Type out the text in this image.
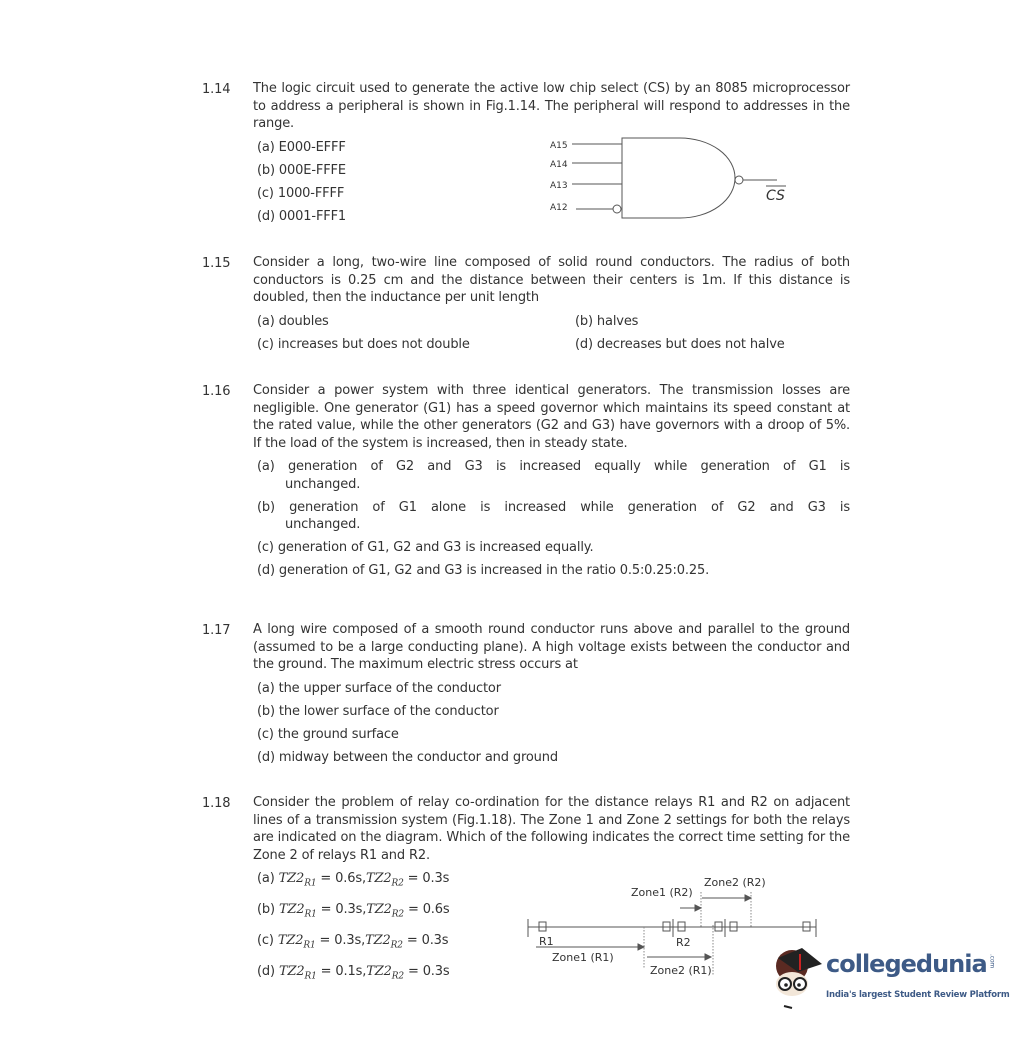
1.14 The logic circuit used to generate the active low chip select (CS) by an 8085 microprocessor to address a peripheral is shown in Fig.1.14. The peripheral will respond to addresses in the range.
(a) E000-EFFF
(b) 000E-FFFE
(c) 1000-FFFF
(d) 0001-FFF1
A15
A14
A13
A12
CS
1.15 Consider a long, two-wire line composed of solid round conductors. The radius of both conductors is 0.25 cm and the distance between their centers is 1m. If this distance is doubled, then the inductance per unit length
(a) doubles	(b) halves
(c) increases but does not double	(d) decreases but does not halve
1.16 Consider a power system with three identical generators. The transmission losses are negligible. One generator (G1) has a speed governor which maintains its speed constant at the rated value, while the other generators (G2 and G3) have governors with a droop of 5%. If the load of the system is increased, then in steady state.
(a) generation of G2 and G3 is increased equally while generation of G1 is
unchanged.
(b) generation of G1 alone is increased while generation of G2 and G3 is
unchanged.
(c) generation of G1, G2 and G3 is increased equally.
(d) generation of G1, G2 and G3 is increased in the ratio 0.5:0.25:0.25.
1.17 A long wire composed of a smooth round conductor runs above and parallel to the ground (assumed to be a large conducting plane). A high voltage exists between the conductor and the ground. The maximum electric stress occurs at
(a) the upper surface of the conductor
(b) the lower surface of the conductor
(c) the ground surface
(d) midway between the conductor and ground
1.18 Consider the problem of relay co-ordination for the distance relays R1 and R2 on adjacent lines of a transmission system (Fig.1.18). The Zone 1 and Zone 2 settings for both the relays are indicated on the diagram. Which of the following indicates the correct time setting for the Zone 2 of relays R1 and R2.
(a) $TZ2_{R1} = 0.6s,TZ2_{R2} = 0.3s$
(b) $TZ2_{R1} = 0.3s,TZ2_{R2} = 0.6s$
(c) $TZ2_{R1} = 0.3s,TZ2_{R2} = 0.3s$
(d) $TZ2_{R1} = 0.1s,TZ2_{R2} = 0.3s$
R1	R2
Zone1 (R1)
Zone2 (R1)
Zone1 (R2)
Zone2 (R2)
collegedunia .com
India's largest Student Review Platform
